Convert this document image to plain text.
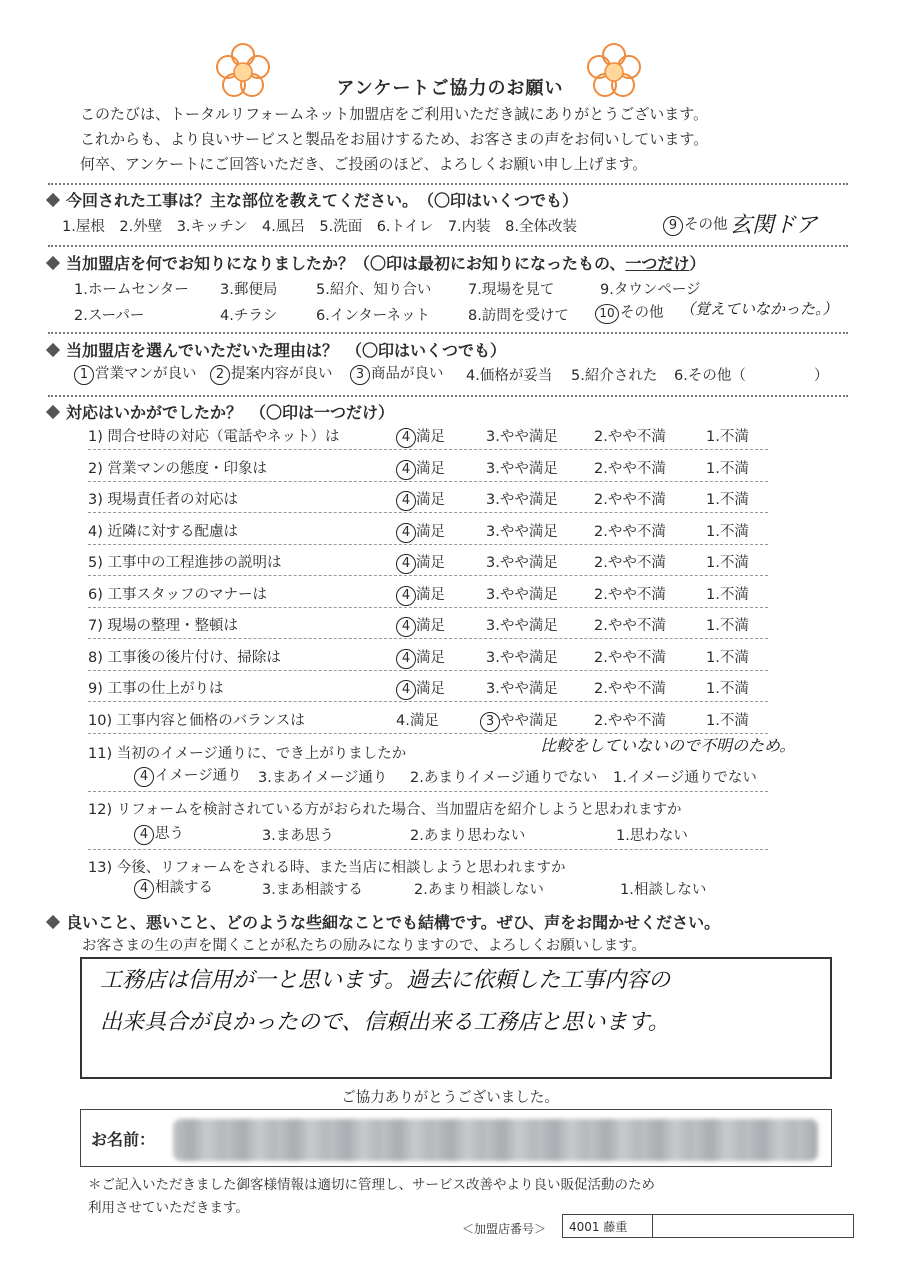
アンケートご協力のお願い
このたびは、トータルリフォームネット加盟店をご利用いただき誠にありがとうございます。
これからも、より良いサービスと製品をお届けするため、お客さまの声をお伺いしています。
何卒、アンケートにご回答いただき、ご投函のほど、よろしくお願い申し上げます。
今回された工事は？主な部位を教えてください。　 （〇印はいくつでも）
1.屋根　 2.外壁　 3.キッチン　 4.風呂　 5.洗面　 6.トイレ　 7.内装　 8.全体改装	9 その他 玄関ドア
当加盟店を何でお知りになりましたか？（〇印は最初にお知りになったもの、一つだけ）
1.ホームセンター 3.郵便局	5.紹介、知り合い	7.現場を見て	9.タウンページ
2.スーパー	4.チラシ	6.インターネット	8.訪問を受けて	10 その他 （覚えていなかった。）
当加盟店を選んでいただいた理由は？　 （〇印はいくつでも）
1 営業マンが良い	2 提案内容が良い	3 商品が良い 4.価格が妥当 5.紹介された 6.その他（	）
対応はいかがでしたか？　 （〇印は一つだけ）
1) 問合せ時の対応（電話やネット）は	4 満足	3.やや満足 2.やや不満	1.不満
2) 営業マンの態度・印象は	4 満足	3.やや満足 2.やや不満	1.不満
3) 現場責任者の対応は	4 満足	3.やや満足 2.やや不満	1.不満
4) 近隣に対する配慮は	4 満足	3.やや満足 2.やや不満	1.不満
5) 工事中の工程進捗の説明は	4 満足	3.やや満足 2.やや不満	1.不満
6) 工事スタッフのマナーは	4 満足	3.やや満足 2.やや不満	1.不満
7) 現場の整理・整頓は	4 満足	3.やや満足 2.やや不満	1.不満
8) 工事後の後片付け、掃除は	4 満足	3.やや満足 2.やや不満	1.不満
9) 工事の仕上がりは	4 満足	3.やや満足 2.やや不満	1.不満
10) 工事内容と価格のバランスは	4.満足	3 やや満足 2.やや不満	1.不満
比較をしていないので不明のため。
11) 当初のイメージ通りに、でき上がりましたか
4 イメージ通り 3.まあイメージ通り 2.あまりイメージ通りでない 1.イメージ通りでない
12) リフォームを検討されている方がおられた場合、当加盟店を紹介しようと思われますか
4 思う	3.まあ思う	2.あまり思わない	1.思わない
13) 今後、リフォームをされる時、また当店に相談しようと思われますか
4 相談する	3.まあ相談する	2.あまり相談しない	1.相談しない
良いこと、悪いこと、どのような些細なことでも結構です。ぜひ、声をお聞かせください。
お客さまの生の声を聞くことが私たちの励みになりますので、よろしくお願いします。
工務店は信用が一と思います。過去に依頼した工事内容の
出来具合が良かったので、信頼出来る工務店と思います。
ご協力ありがとうございました。
お名前：
＊ご記入いただきました御客様情報は適切に管理し、サービス改善やより良い販促活動のため
利用させていただきます。
＜加盟店番号＞	4001 藤重
